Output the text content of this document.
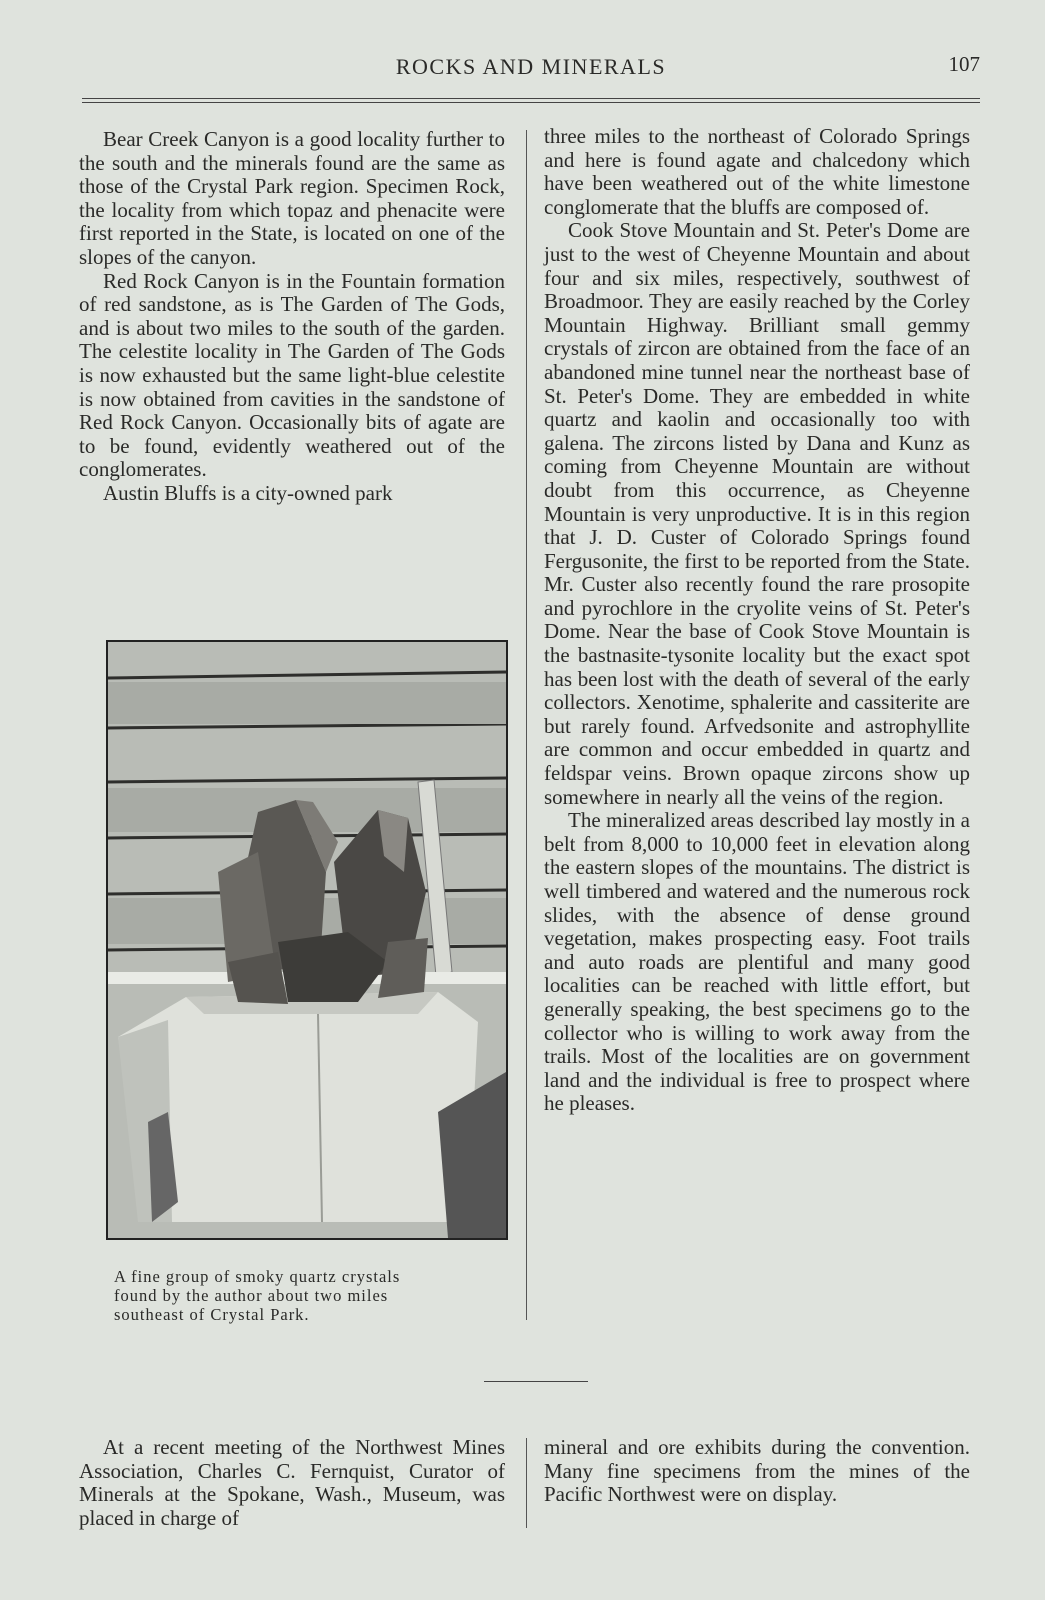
ROCKS AND MINERALS	107

Bear Creek Canyon is a good locality further to the south and the minerals found are the same as those of the Crystal Park region. Specimen Rock, the locality from which topaz and phenacite were first reported in the State, is located on one of the slopes of the canyon.

Red Rock Canyon is in the Fountain formation of red sandstone, as is The Garden of The Gods, and is about two miles to the south of the garden. The celestite locality in The Garden of The Gods is now exhausted but the same light-blue celestite is now obtained from cavities in the sandstone of Red Rock Canyon. Occasionally bits of agate are to be found, evidently weathered out of the conglomerates.

Austin Bluffs is a city-owned park

A fine group of smoky quartz crystals
found by the author about two miles
southeast of Crystal Park.

three miles to the northeast of Colorado Springs and here is found agate and chalcedony which have been weathered out of the white limestone conglomerate that the bluffs are composed of.

Cook Stove Mountain and St. Peter's Dome are just to the west of Cheyenne Mountain and about four and six miles, respectively, southwest of Broadmoor. They are easily reached by the Corley Mountain Highway. Brilliant small gemmy crystals of zircon are obtained from the face of an abandoned mine tunnel near the northeast base of St. Peter's Dome. They are embedded in white quartz and kaolin and occasionally too with galena. The zircons listed by Dana and Kunz as coming from Cheyenne Mountain are without doubt from this occurrence, as Cheyenne Mountain is very unproductive. It is in this region that J. D. Custer of Colorado Springs found Fergusonite, the first to be reported from the State. Mr. Custer also recently found the rare prosopite and pyrochlore in the cryolite veins of St. Peter's Dome. Near the base of Cook Stove Mountain is the bastnasite-tysonite locality but the exact spot has been lost with the death of several of the early collectors. Xenotime, sphalerite and cassiterite are but rarely found. Arfvedsonite and astrophyllite are common and occur embedded in quartz and feldspar veins. Brown opaque zircons show up somewhere in nearly all the veins of the region.

The mineralized areas described lay mostly in a belt from 8,000 to 10,000 feet in elevation along the eastern slopes of the mountains. The district is well timbered and watered and the numerous rock slides, with the absence of dense ground vegetation, makes prospecting easy. Foot trails and auto roads are plentiful and many good localities can be reached with little effort, but generally speaking, the best specimens go to the collector who is willing to work away from the trails. Most of the localities are on government land and the individual is free to prospect where he pleases.

At a recent meeting of the Northwest Mines Association, Charles C. Fernquist, Curator of Minerals at the Spokane, Wash., Museum, was placed in charge of

mineral and ore exhibits during the convention. Many fine specimens from the mines of the Pacific Northwest were on display.
